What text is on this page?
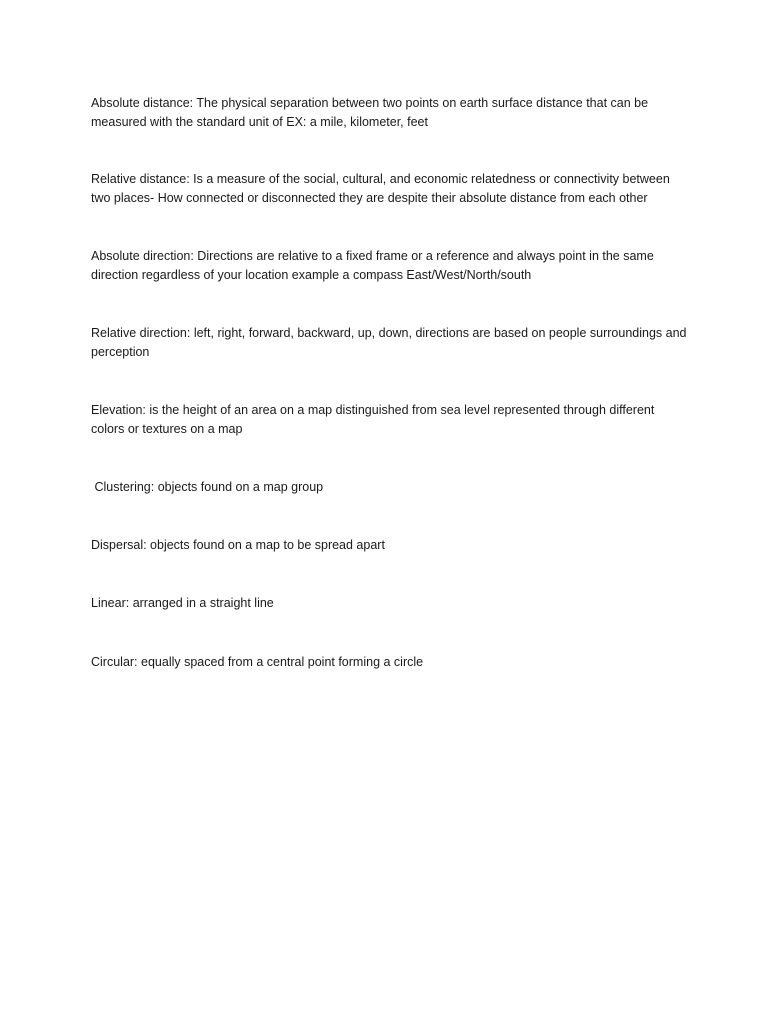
Absolute distance: The physical separation between two points on earth surface distance that can be measured with the standard unit of EX: a mile, kilometer, feet

Relative distance: Is a measure of the social, cultural, and economic relatedness or connectivity between two places- How connected or disconnected they are despite their absolute distance from each other

Absolute direction: Directions are relative to a fixed frame or a reference and always point in the same direction regardless of your location example a compass East/West/North/south

Relative direction: left, right, forward, backward, up, down, directions are based on people surroundings and perception

Elevation: is the height of an area on a map distinguished from sea level represented through different colors or textures on a map

Clustering: objects found on a map group

Dispersal: objects found on a map to be spread apart

Linear: arranged in a straight line

Circular: equally spaced from a central point forming a circle
